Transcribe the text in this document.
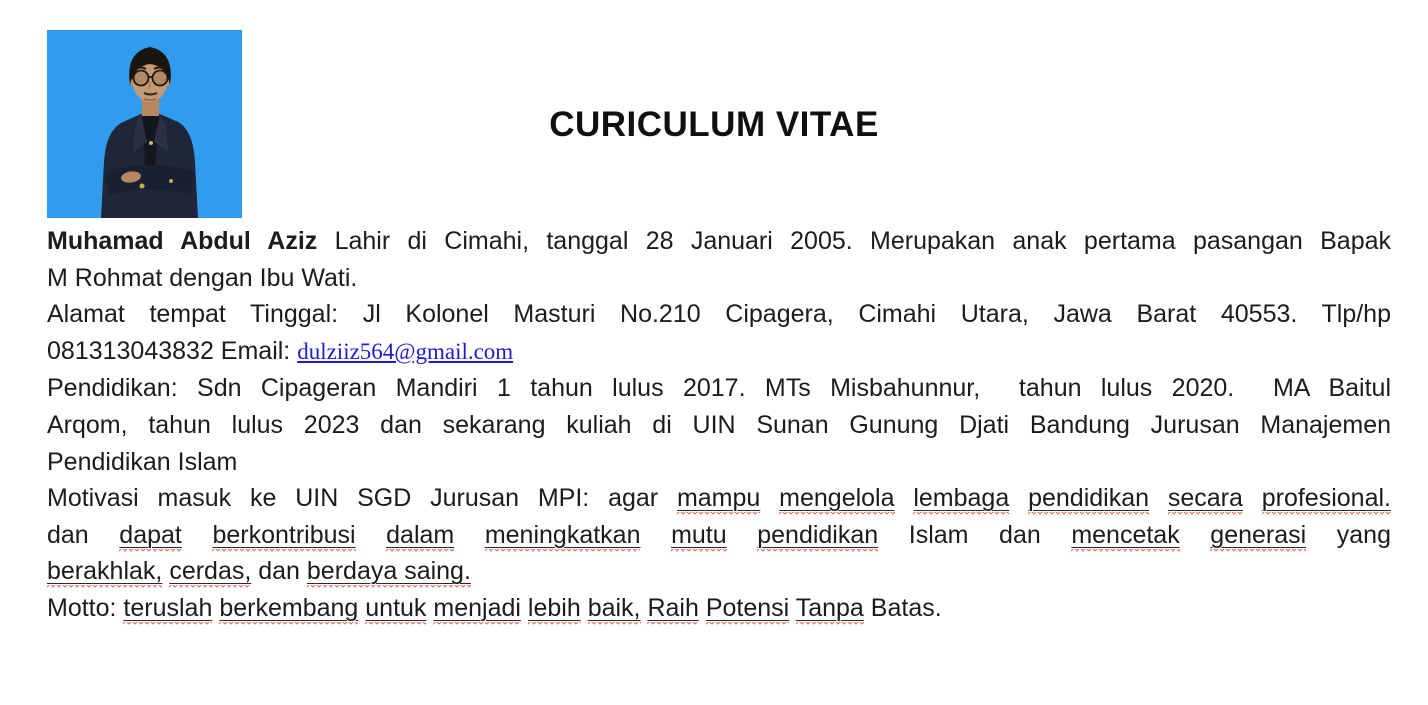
CURICULUM VITAE
Muhamad Abdul Aziz Lahir di Cimahi, tanggal 28 Januari 2005. Merupakan anak pertama pasangan Bapak
M Rohmat dengan Ibu Wati.
Alamat tempat Tinggal: Jl Kolonel Masturi No.210 Cipagera, Cimahi Utara, Jawa Barat 40553. Tlp/hp
081313043832 Email: dulziiz564@gmail.com
Pendidikan: Sdn Cipageran Mandiri 1 tahun lulus 2017. MTs Misbahunnur,  tahun lulus 2020.  MA Baitul
Arqom, tahun lulus 2023 dan sekarang kuliah di UIN Sunan Gunung Djati Bandung Jurusan Manajemen
Pendidikan Islam
Motivasi masuk ke UIN SGD Jurusan MPI: agar mampu mengelola lembaga pendidikan secara profesional.
dan dapat berkontribusi dalam meningkatkan mutu pendidikan Islam dan mencetak generasi yang
berakhlak, cerdas, dan berdaya saing.
Motto: teruslah berkembang untuk menjadi lebih baik, Raih Potensi Tanpa Batas.
